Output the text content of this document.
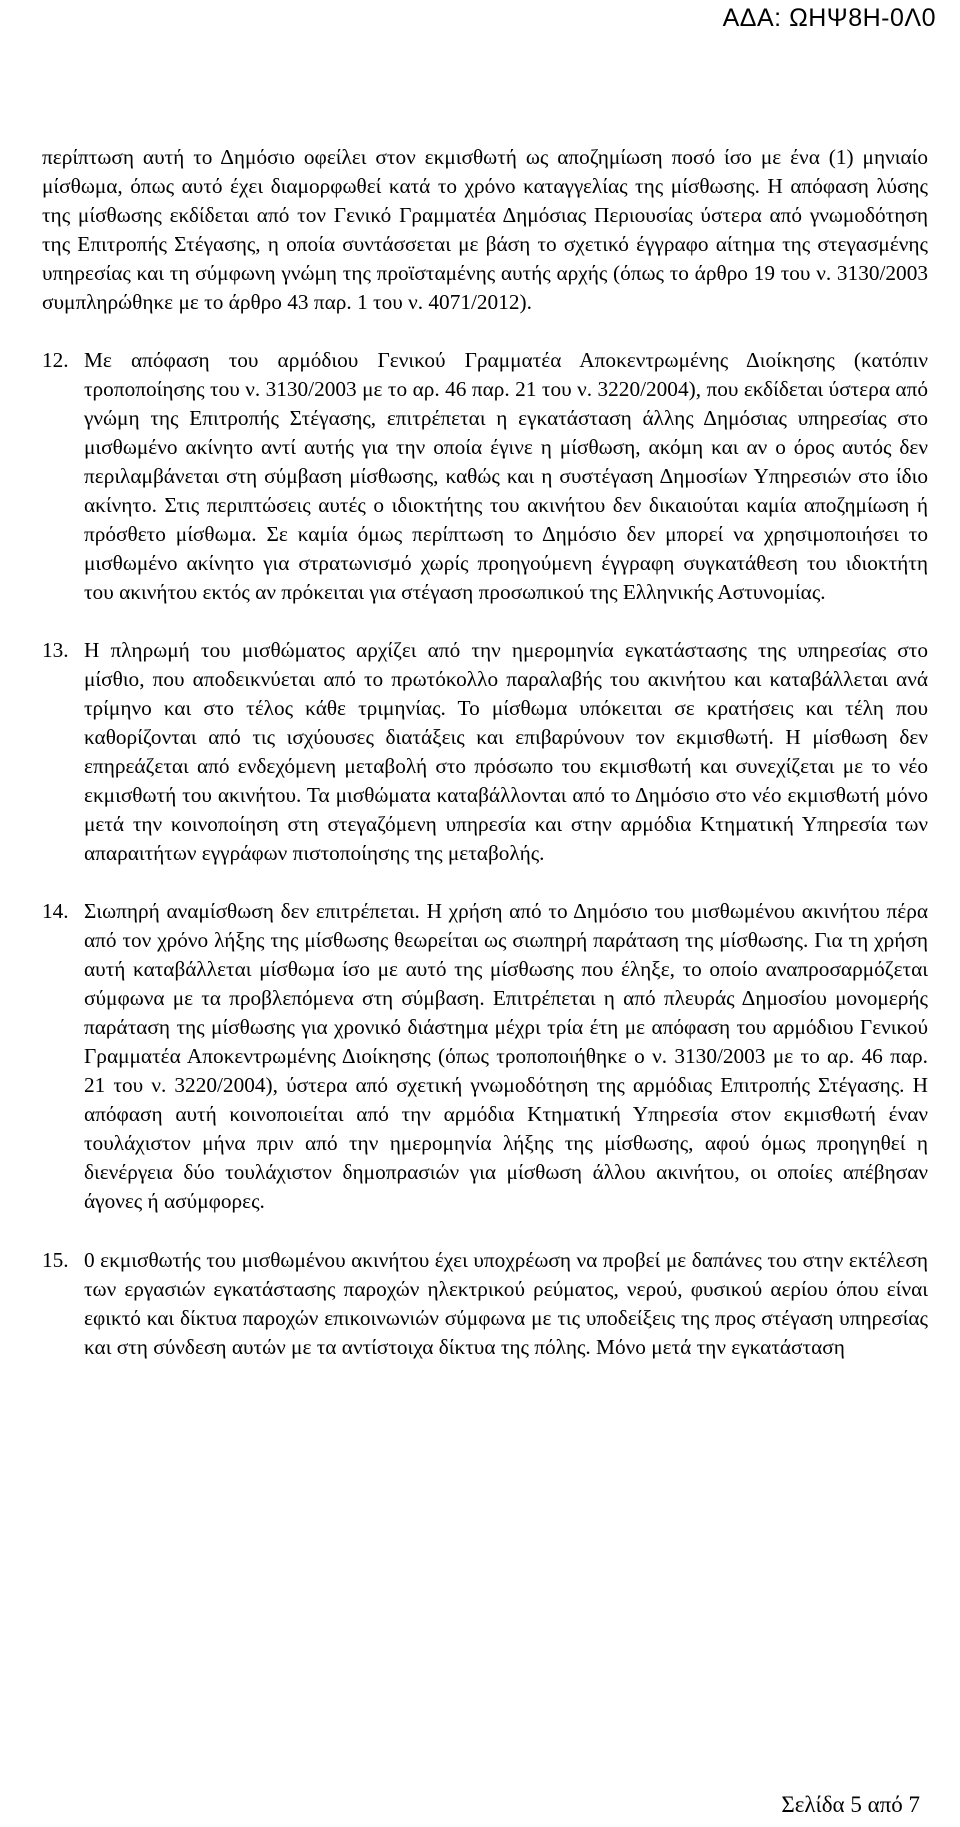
ΑΔΑ: ΩΗΨ8Η-0Λ0

περίπτωση αυτή το Δημόσιο οφείλει στον εκμισθωτή ως αποζημίωση ποσό ίσο με ένα (1) μηνιαίο μίσθωμα, όπως αυτό έχει διαμορφωθεί κατά το χρόνο καταγγελίας της μίσθωσης. Η απόφαση λύσης της μίσθωσης εκδίδεται από τον Γενικό Γραμματέα Δημόσιας Περιουσίας ύστερα από γνωμοδότηση της Επιτροπής Στέγασης, η οποία συντάσσεται με βάση το σχετικό έγγραφο αίτημα της στεγασμένης υπηρεσίας και τη σύμφωνη γνώμη της προϊσταμένης αυτής αρχής (όπως το άρθρο 19 του ν. 3130/2003 συμπληρώθηκε με το άρθρο 43 παρ. 1 του ν. 4071/2012).

12. Με απόφαση του αρμόδιου Γενικού Γραμματέα Αποκεντρωμένης Διοίκησης (κατόπιν τροποποίησης του ν. 3130/2003 με το αρ. 46 παρ. 21 του ν. 3220/2004), που εκδίδεται ύστερα από γνώμη της Επιτροπής Στέγασης, επιτρέπεται η εγκατάσταση άλλης Δημόσιας υπηρεσίας στο μισθωμένο ακίνητο αντί αυτής για την οποία έγινε η μίσθωση, ακόμη και αν ο όρος αυτός δεν περιλαμβάνεται στη σύμβαση μίσθωσης, καθώς και η συστέγαση Δημοσίων Υπηρεσιών στο ίδιο ακίνητο. Στις περιπτώσεις αυτές ο ιδιοκτήτης του ακινήτου δεν δικαιούται καμία αποζημίωση ή πρόσθετο μίσθωμα. Σε καμία όμως περίπτωση το Δημόσιο δεν μπορεί να χρησιμοποιήσει το μισθωμένο ακίνητο για στρατωνισμό χωρίς προηγούμενη έγγραφη συγκατάθεση του ιδιοκτήτη του ακινήτου εκτός αν πρόκειται για στέγαση προσωπικού της Ελληνικής Αστυνομίας.
13. Η πληρωμή του μισθώματος αρχίζει από την ημερομηνία εγκατάστασης της υπηρεσίας στο μίσθιο, που αποδεικνύεται από το πρωτόκολλο παραλαβής του ακινήτου και καταβάλλεται ανά τρίμηνο και στο τέλος κάθε τριμηνίας. Το μίσθωμα υπόκειται σε κρατήσεις και τέλη που καθορίζονται από τις ισχύουσες διατάξεις και επιβαρύνουν τον εκμισθωτή. Η μίσθωση δεν επηρεάζεται από ενδεχόμενη μεταβολή στο πρόσωπο του εκμισθωτή και συνεχίζεται με το νέο εκμισθωτή του ακινήτου. Τα μισθώματα καταβάλλονται από το Δημόσιο στο νέο εκμισθωτή μόνο μετά την κοινοποίηση στη στεγαζόμενη υπηρεσία και στην αρμόδια Κτηματική Υπηρεσία των απαραιτήτων εγγράφων πιστοποίησης της μεταβολής.
14. Σιωπηρή αναμίσθωση δεν επιτρέπεται. Η χρήση από το Δημόσιο του μισθωμένου ακινήτου πέρα από τον χρόνο λήξης της μίσθωσης θεωρείται ως σιωπηρή παράταση της μίσθωσης. Για τη χρήση αυτή καταβάλλεται μίσθωμα ίσο με αυτό της μίσθωσης που έληξε, το οποίο αναπροσαρμόζεται σύμφωνα με τα προβλεπόμενα στη σύμβαση. Επιτρέπεται η από πλευράς Δημοσίου μονομερής παράταση της μίσθωσης για χρονικό διάστημα μέχρι τρία έτη με απόφαση του αρμόδιου Γενικού Γραμματέα Αποκεντρωμένης Διοίκησης (όπως τροποποιήθηκε ο ν. 3130/2003 με το αρ. 46 παρ. 21 του ν. 3220/2004), ύστερα από σχετική γνωμοδότηση της αρμόδιας Επιτροπής Στέγασης. Η απόφαση αυτή κοινοποιείται από την αρμόδια Κτηματική Υπηρεσία στον εκμισθωτή έναν τουλάχιστον μήνα πριν από την ημερομηνία λήξης της μίσθωσης, αφού όμως προηγηθεί η διενέργεια δύο τουλάχιστον δημοπρασιών για μίσθωση άλλου ακινήτου, οι οποίες απέβησαν άγονες ή ασύμφορες.
15. 0 εκμισθωτής του μισθωμένου ακινήτου έχει υποχρέωση να προβεί με δαπάνες του στην εκτέλεση των εργασιών εγκατάστασης παροχών ηλεκτρικού ρεύματος, νερού, φυσικού αερίου όπου είναι εφικτό και δίκτυα παροχών επικοινωνιών σύμφωνα με τις υποδείξεις της προς στέγαση υπηρεσίας και στη σύνδεση αυτών με τα αντίστοιχα δίκτυα της πόλης. Μόνο μετά την εγκατάσταση
Σελίδα 5 από 7
